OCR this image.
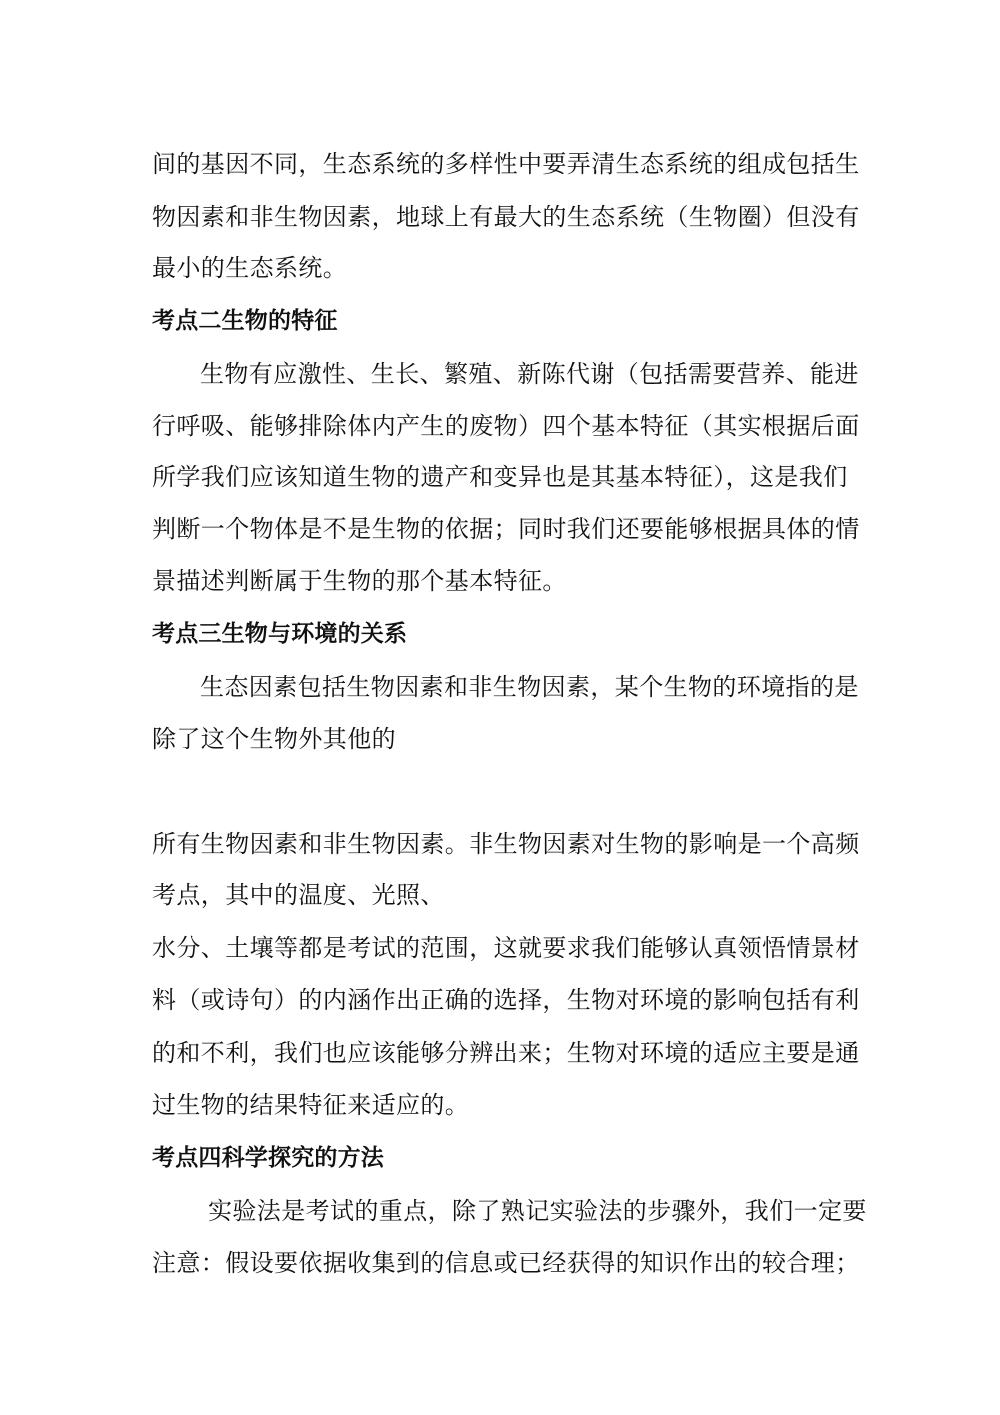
间的基因不同，生态系统的多样性中要弄清生态系统的组成包括生
物因素和非生物因素，地球上有最大的生态系统（生物圈）但没有
最小的生态系统。
考点二生物的特征
生物有应激性、生长、繁殖、新陈代谢（包括需要营养、能进
行呼吸、能够排除体内产生的废物）四个基本特征（其实根据后面
所学我们应该知道生物的遗产和变异也是其基本特征），这是我们
判断一个物体是不是生物的依据；同时我们还要能够根据具体的情
景描述判断属于生物的那个基本特征。
考点三生物与环境的关系
生态因素包括生物因素和非生物因素，某个生物的环境指的是
除了这个生物外其他的
所有生物因素和非生物因素。非生物因素对生物的影响是一个高频
考点，其中的温度、光照、
水分、土壤等都是考试的范围，这就要求我们能够认真领悟情景材
料（或诗句）的内涵作出正确的选择，生物对环境的影响包括有利
的和不利，我们也应该能够分辨出来；生物对环境的适应主要是通
过生物的结果特征来适应的。
考点四科学探究的方法
实验法是考试的重点，除了熟记实验法的步骤外，我们一定要
注意：假设要依据收集到的信息或已经获得的知识作出的较合理；
